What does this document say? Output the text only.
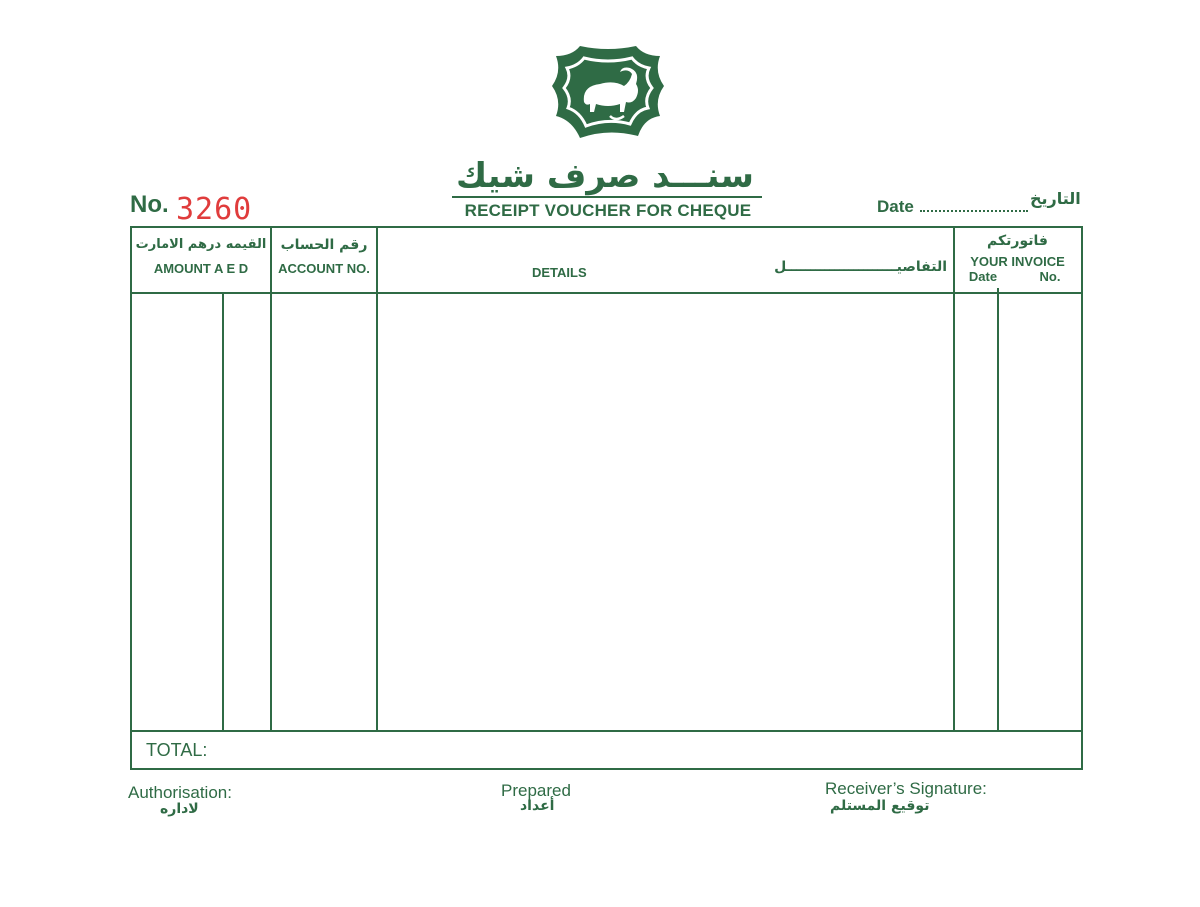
سنـــد صرف شيك
RECEIPT VOUCHER FOR CHEQUE
No. 3260	Date	التاريخ
القيمه درهم الامارت
AMOUNT A E D
رقم الحساب
ACCOUNT NO.	DETAILS	التفاصيـــــــــــــــــــــــل
فاتورتكم
YOUR INVOICE
Date	No.
TOTAL:
Authorisation:
لاداره
Prepared
أعداد
Receiver’s Signature:
توقيع المستلم
